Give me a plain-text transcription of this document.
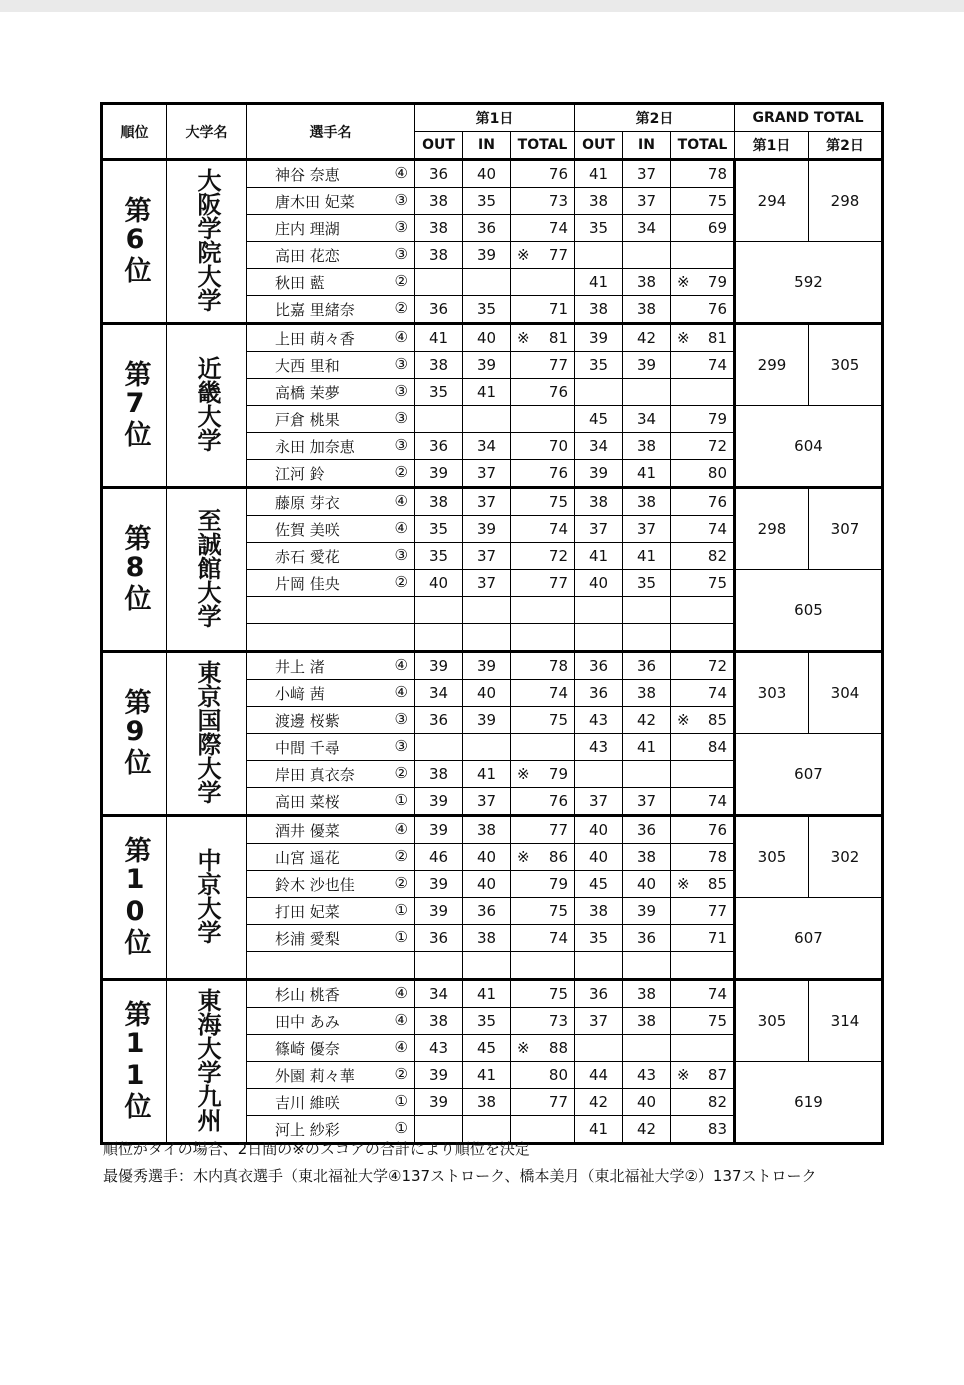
順位	大学名	選手名	第1日			第2日			GRAND TOTAL	
			OUT	IN	TOTAL	OUT	IN	TOTAL	第1日	第2日
第6位	大阪学院大学	神谷 奈恵 ④	36	40	76	41	37	78	294	298

		唐木田 妃菜 ③	38	35	73	38	37	75		

		庄内 理湖 ③	38	36	74	35	34	69		

		高田 花恋 ③	38	39	※ 77				592	

		秋田 藍 ②				41	38	※ 79		

		比嘉 里緒奈 ②	36	35	71	38	38	76		
第7位	近畿大学	上田 萌々香 ④	41	40	※ 81	39	42	※ 81	299	305

		大西 里和 ③	38	39	77	35	39	74		

		高橋 茉夢 ③	35	41	76					

		戸倉 桃果 ③				45	34	79	604	

		永田 加奈恵 ③	36	34	70	34	38	72		

		江河 鈴 ②	39	37	76	39	41	80		
第8位	至誠館大学	藤原 芽衣 ④	38	37	75	38	38	76	298	307

		佐賀 美咲 ④	35	39	74	37	37	74		

		赤石 愛花 ③	35	37	72	41	41	82		

		片岡 佳央 ②	40	37	77	40	35	75	605	

第9位	東京国際大学	井上 渚 ④	39	39	78	36	36	72	303	304

		小﨑 茜 ④	34	40	74	36	38	74		

		渡邊 桜紫 ③	36	39	75	43	42	※ 85		

		中間 千尋 ③				43	41	84	607	

		岸田 真衣奈 ②	38	41	※ 79					

		高田 菜桜 ①	39	37	76	37	37	74		
第10位	中京大学	酒井 優菜 ④	39	38	77	40	36	76	305	302

		山宮 遥花 ②	46	40	※ 86	40	38	78		

		鈴木 沙也佳 ②	39	40	79	45	40	※ 85		

		打田 妃菜 ①	39	36	75	38	39	77	607	

		杉浦 愛梨 ①	36	38	74	35	36	71		

第11位	東海大学九州	杉山 桃香 ④	34	41	75	36	38	74	305	314

		田中 あみ ④	38	35	73	37	38	75		

		篠崎 優奈 ④	43	45	※ 88					

		外園 莉々華 ②	39	41	80	44	43	※ 87	619	

		吉川 維咲 ①	39	38	77	42	40	82		

		河上 紗彩 ①				41	42	83		
順位がタイの場合、2日間の※のスコアの合計により順位を決定
最優秀選手：木内真衣選手（東北福祉大学④137ストローク、橋本美月（東北福祉大学②）137ストローク
